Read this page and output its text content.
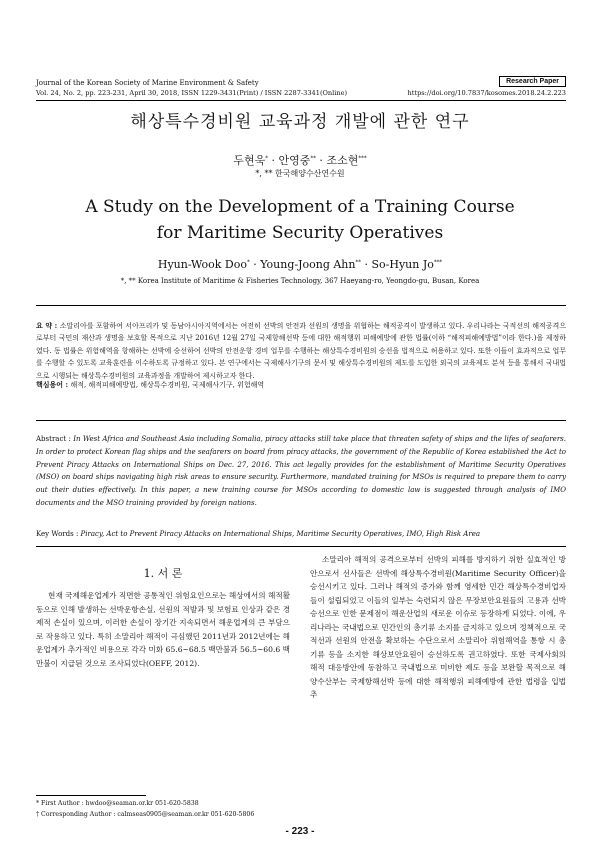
Journal of the Korean Society of Marine Environment & Safety
Vol. 24, No. 2, pp. 223-231, April 30, 2018, ISSN 1229-3431(Print) / ISSN 2287-3341(Online)	https://doi.org/10.7837/kosomes.2018.24.2.223
Research Paper
해상특수경비원 교육과정 개발에 관한 연구
두현욱* · 안영중** · 조소현***
*, ** 한국해양수산연수원
A Study on the Development of a Training Course
for Maritime Security Operatives
Hyun-Wook Doo* · Young-Joong Ahn** · So-Hyun Jo***
*, ** Korea Institute of Maritime & Fisheries Technology, 367 Haeyang-ro, Yeongdo-gu, Busan, Korea
요 약 : 소말리아를 포함하여 서아프리카 및 동남아시아지역에서는 여전히 선박의 안전과 선원의 생명을 위협하는 해적공격이 발생하고 있다. 우리나라는 국적선의 해적공격으로부터 국민의 재산과 생명을 보호할 목적으로 지난 2016년 12월 27일 국제항해선박 등에 대한 해적행위 피해예방에 관한 법률(이하 “해적피해예방법”이라 한다.)을 제정하였다. 동 법률은 위험해역을 항해하는 선박에 승선하여 선박의 안전운항 경비 업무를 수행하는 해상특수경비원의 승선을 법적으로 허용하고 있다. 또한 이들이 효과적으로 업무를 수행할 수 있도록 교육훈련을 이수하도록 규정하고 있다. 본 연구에서는 국제해사기구의 문서 및 해상특수경비원의 제도를 도입한 외국의 교육제도 분석 등을 통해서 국내법으로 시행되는 해상특수경비원의 교육과정을 개발하여 제시하고자 한다.
핵심용어 : 해적, 해적피해예방법, 해상특수경비원, 국제해사기구, 위험해역
Abstract : In West Africa and Southeast Asia including Somalia, piracy attacks still take place that threaten safety of ships and the lifes of seafarers. In order to protect Korean flag ships and the seafarers on board from piracy attacks, the government of the Republic of Korea established the Act to Prevent Piracy Attacks on International Ships on Dec. 27, 2016. This act legally provides for the establishment of Maritime Security Operatives (MSO) on board ships navigating high risk areas to ensure security. Furthermore, mandated training for MSOs is required to prepare them to carry out their duties effectively. In this paper, a new training course for MSOs according to domestic law is suggested through analysis of IMO documents and the MSO training provided by foreign nations.
Key Words : Piracy, Act to Prevent Piracy Attacks on International Ships, Maritime Security Operatives, IMO, High Risk Area
1. 서 론

현재 국제해운업계가 직면한 공통적인 위험요인으로는 해상에서의 해적활동으로 인해 발생하는 선박운항손실, 선원의 적발과 및 보험료 인상과 같은 경제적 손실이 있으며, 이러한 손실이 장기간 지속되면서 해운업계의 큰 부담으로 작용하고 있다. 특히 소말리아 해적이 극심했던 2011년과 2012년에는 해운업계가 추가적인 비용으로 각각 미화 65.6~68.5 백만불과 56.5~60.6 백만불이 지급된 것으로 조사되었다(OEFF, 2012).

소말리아 해적의 공격으로부터 선박의 피해를 방지하기 위한 실효적인 방안으로서 선사들은 선박에 해상특수경비원(Maritime Security Officer)을 승선시키고 있다. 그러나 해적의 증가와 함께 영세한 민간 해상특수경비업자들이 설립되었고 이들의 일부는 숙련되지 않은 무장보안요원들의 고용과 선박승선으로 인한 문제점이 해운산업의 새로운 이슈로 등장하게 되었다. 이에, 우리나라는 국내법으로 민간인의 총기류 소지를 금지하고 있으며 정책적으로 국적선과 선원의 안전을 확보하는 수단으로서 소말리아 위험해역을 통항 시 총기류 등을 소지한 해상보안요원이 승선하도록 권고하였다. 또한 국제사회의 해적 대응방안에 동참하고 국내법으로 미비한 제도 등을 보완할 목적으로 해양수산부는 국제항해선박 등에 대한 해적행위 피해예방에 관한 법령을 입법 추

* First Author : hwdoo@seaman.or.kr 051-620-5838
† Corresponding Author : calmseas0905@seaman.or.kr 051-620-5806
- 223 -
